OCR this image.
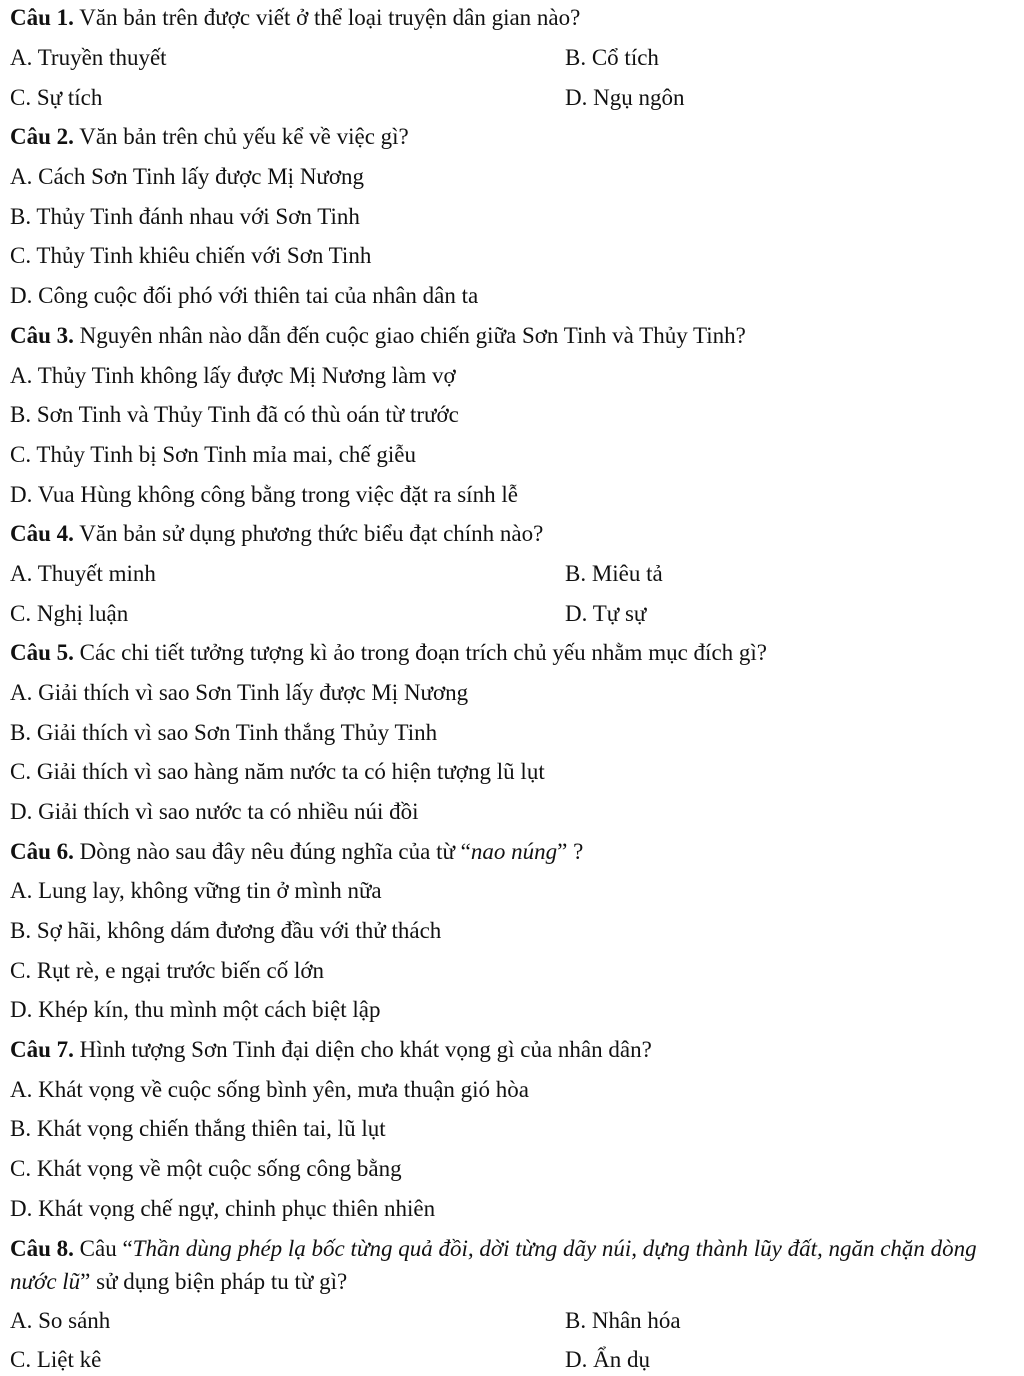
Câu 1. Văn bản trên được viết ở thể loại truyện dân gian nào?
A. Truyền thuyết	B. Cổ tích
C. Sự tích	D. Ngụ ngôn
Câu 2. Văn bản trên chủ yếu kể về việc gì?
A. Cách Sơn Tinh lấy được Mị Nương
B. Thủy Tinh đánh nhau với Sơn Tinh
C. Thủy Tinh khiêu chiến với Sơn Tinh
D. Công cuộc đối phó với thiên tai của nhân dân ta
Câu 3. Nguyên nhân nào dẫn đến cuộc giao chiến giữa Sơn Tinh và Thủy Tinh?
A. Thủy Tinh không lấy được Mị Nương làm vợ
B. Sơn Tinh và Thủy Tinh đã có thù oán từ trước
C. Thủy Tinh bị Sơn Tinh mỉa mai, chế giễu
D. Vua Hùng không công bằng trong việc đặt ra sính lễ
Câu 4. Văn bản sử dụng phương thức biểu đạt chính nào?
A. Thuyết minh	B. Miêu tả
C. Nghị luận	D. Tự sự
Câu 5. Các chi tiết tưởng tượng kì ảo trong đoạn trích chủ yếu nhằm mục đích gì?
A. Giải thích vì sao Sơn Tinh lấy được Mị Nương
B. Giải thích vì sao Sơn Tinh thắng Thủy Tinh
C. Giải thích vì sao hàng năm nước ta có hiện tượng lũ lụt
D. Giải thích vì sao nước ta có nhiều núi đồi
Câu 6. Dòng nào sau đây nêu đúng nghĩa của từ “nao núng” ?
A. Lung lay, không vững tin ở mình nữa
B. Sợ hãi, không dám đương đầu với thử thách
C. Rụt rè, e ngại trước biến cố lớn
D. Khép kín, thu mình một cách biệt lập
Câu 7. Hình tượng Sơn Tinh đại diện cho khát vọng gì của nhân dân?
A. Khát vọng về cuộc sống bình yên, mưa thuận gió hòa
B. Khát vọng chiến thắng thiên tai, lũ lụt
C. Khát vọng về một cuộc sống công bằng
D. Khát vọng chế ngự, chinh phục thiên nhiên
Câu 8. Câu “Thần dùng phép lạ bốc từng quả đồi, dời từng dãy núi, dựng thành lũy đất, ngăn chặn dòng nước lũ” sử dụng biện pháp tu từ gì?
A. So sánh	B. Nhân hóa
C. Liệt kê	D. Ẩn dụ
